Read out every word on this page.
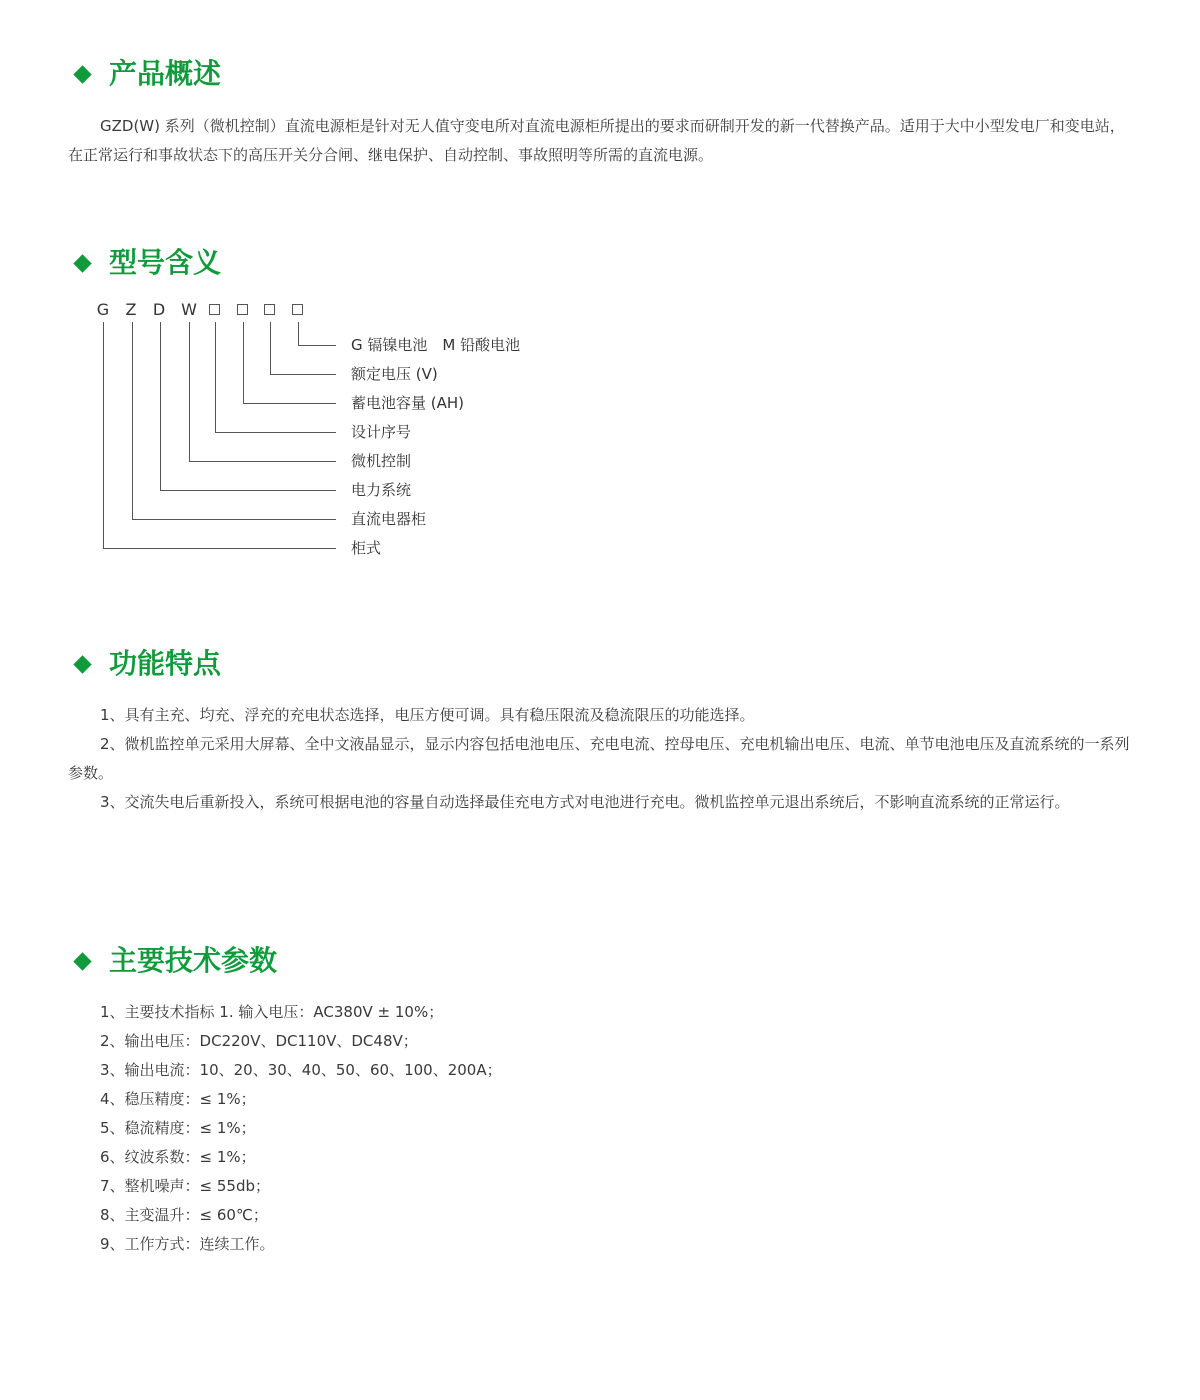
产品概述

GZD(W) 系列（微机控制）直流电源柜是针对无人值守变电所对直流电源柜所提出的要求而研制开发的新一代替换产品。适用于大中小型发电厂和变电站，在正常运行和事故状态下的高压开关分合闸、继电保护、自动控制、事故照明等所需的直流电源。

型号含义
G Z D W
G 镉镍电池　M 铅酸电池
额定电压 (V)
蓄电池容量 (AH)
设计序号
微机控制
电力系统
直流电器柜
柜式
功能特点

1、具有主充、均充、浮充的充电状态选择，电压方便可调。具有稳压限流及稳流限压的功能选择。

2、微机监控单元采用大屏幕、全中文液晶显示，显示内容包括电池电压、充电电流、控母电压、充电机输出电压、电流、单节电池电压及直流系统的一系列参数。

3、交流失电后重新投入，系统可根据电池的容量自动选择最佳充电方式对电池进行充电。微机监控单元退出系统后，不影响直流系统的正常运行。

主要技术参数
1、主要技术指标 1. 输入电压：AC380V ± 10%；
2、输出电压：DC220V、DC110V、DC48V；
3、输出电流：10、20、30、40、50、60、100、200A；
4、稳压精度：≤ 1%；
5、稳流精度：≤ 1%；
6、纹波系数：≤ 1%；
7、整机噪声：≤ 55db；
8、主变温升：≤ 60℃；
9、工作方式：连续工作。
